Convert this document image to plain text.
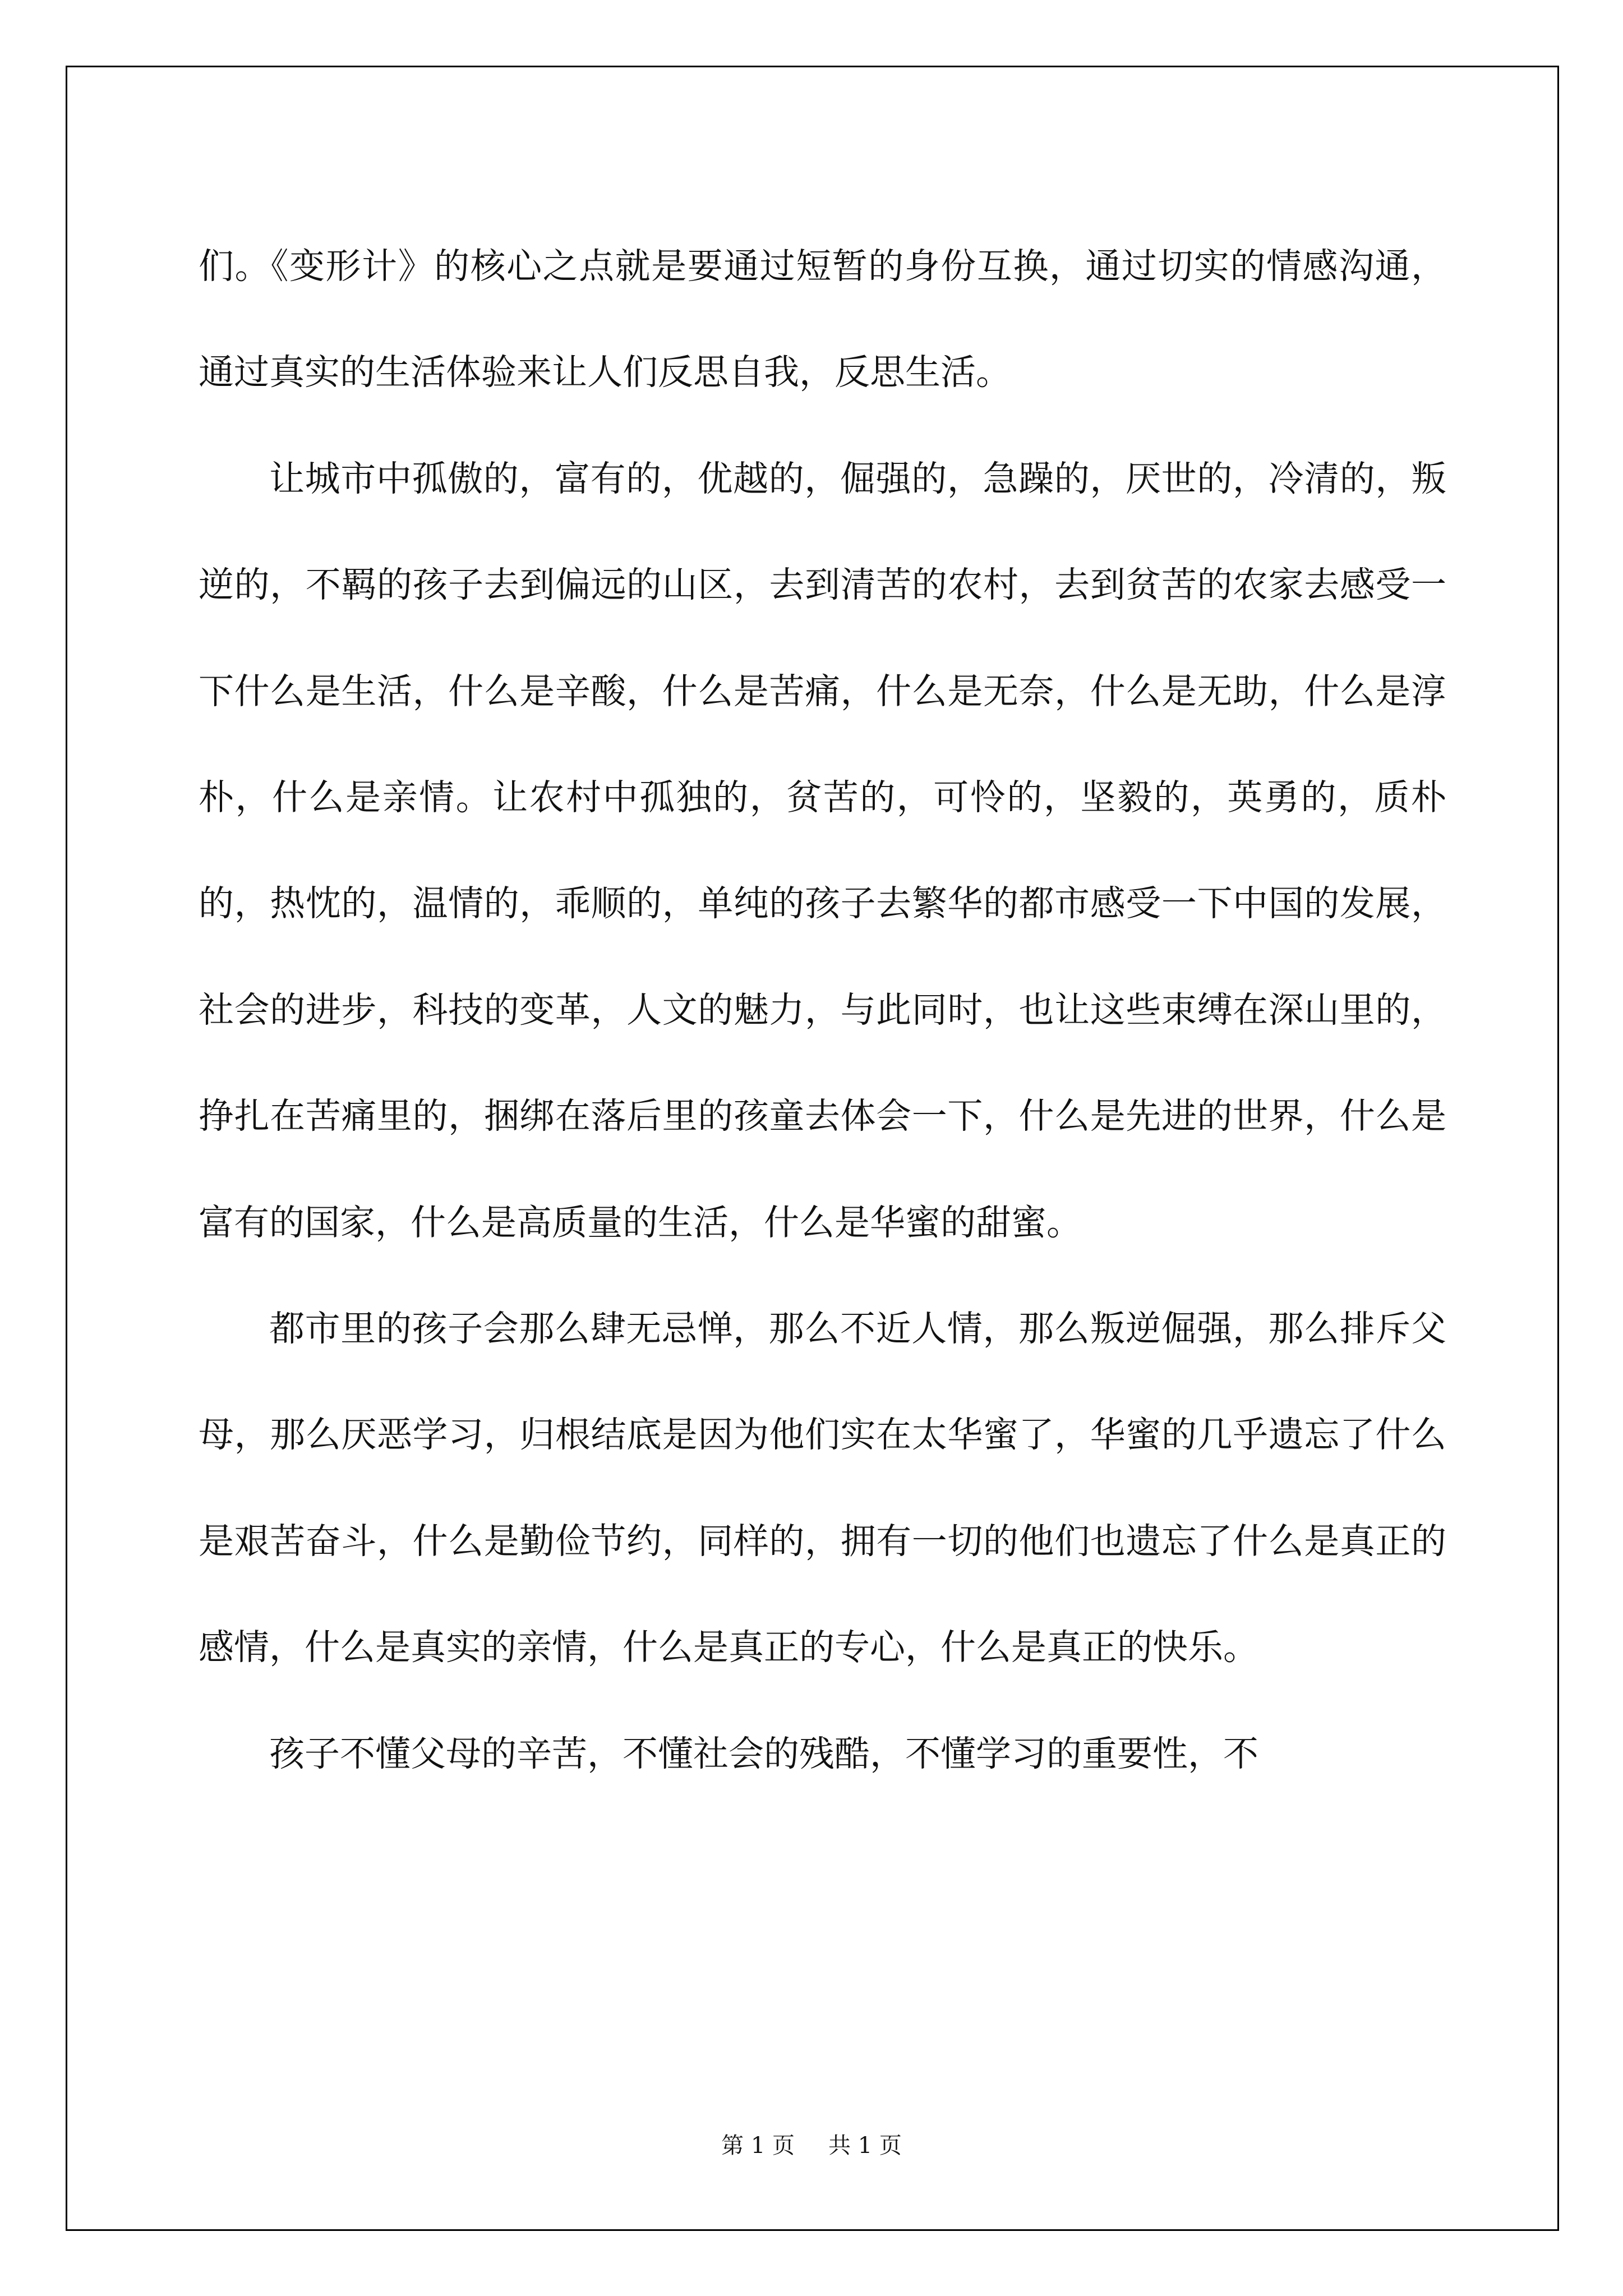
们。《变形计》的核心之点就是要通过短暂的身份互换，通过切实的情感沟通，通过真实的生活体验来让人们反思自我，反思生活。

让城市中孤傲的，富有的，优越的，倔强的，急躁的，厌世的，冷清的，叛逆的，不羁的孩子去到偏远的山区，去到清苦的农村，去到贫苦的农家去感受一下什么是生活，什么是辛酸，什么是苦痛，什么是无奈，什么是无助，什么是淳朴，什么是亲情。让农村中孤独的，贫苦的，可怜的，坚毅的，英勇的，质朴的，热忱的，温情的，乖顺的，单纯的孩子去繁华的都市感受一下中国的发展，社会的进步，科技的变革，人文的魅力，与此同时，也让这些束缚在深山里的，挣扎在苦痛里的，捆绑在落后里的孩童去体会一下，什么是先进的世界，什么是富有的国家，什么是高质量的生活，什么是华蜜的甜蜜。

都市里的孩子会那么肆无忌惮，那么不近人情，那么叛逆倔强，那么排斥父母，那么厌恶学习，归根结底是因为他们实在太华蜜了，华蜜的几乎遗忘了什么是艰苦奋斗，什么是勤俭节约，同样的，拥有一切的他们也遗忘了什么是真正的感情，什么是真实的亲情，什么是真正的专心，什么是真正的快乐。

孩子不懂父母的辛苦，不懂社会的残酷，不懂学习的重要性，不

第 1 页 共 1 页
